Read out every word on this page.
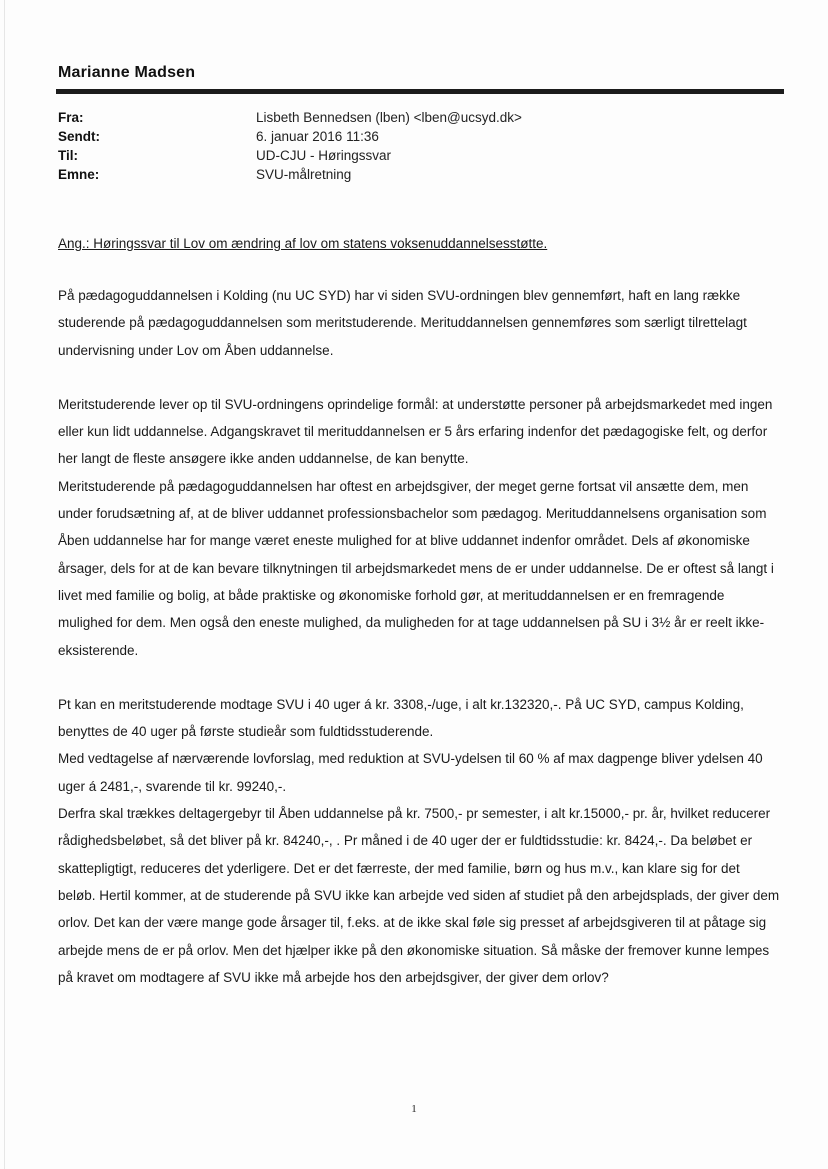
Marianne Madsen
Fra:	Lisbeth Bennedsen (lben) <lben@ucsyd.dk>
Sendt:	6. januar 2016 11:36
Til:	UD-CJU - Høringssvar
Emne:	SVU-målretning
Ang.: Høringssvar til Lov om ændring af lov om statens voksenuddannelsesstøtte.

På pædagoguddannelsen i Kolding (nu UC SYD) har vi siden SVU-ordningen blev gennemført, haft en lang række studerende på pædagoguddannelsen som meritstuderende. Merituddannelsen gennemføres som særligt tilrettelagt undervisning under Lov om Åben uddannelse.

Meritstuderende lever op til SVU-ordningens oprindelige formål: at understøtte personer på arbejdsmarkedet med ingen eller kun lidt uddannelse. Adgangskravet til merituddannelsen er 5 års erfaring indenfor det pædagogiske felt, og derfor her langt de fleste ansøgere ikke anden uddannelse, de kan benytte.

Meritstuderende på pædagoguddannelsen har oftest en arbejdsgiver, der meget gerne fortsat vil ansætte dem, men under forudsætning af, at de bliver uddannet professionsbachelor som pædagog. Merituddannelsens organisation som Åben uddannelse har for mange været eneste mulighed for at blive uddannet indenfor området. Dels af økonomiske årsager, dels for at de kan bevare tilknytningen til arbejdsmarkedet mens de er under uddannelse. De er oftest så langt i livet med familie og bolig, at både praktiske og økonomiske forhold gør, at merituddannelsen er en fremragende mulighed for dem. Men også den eneste mulighed, da muligheden for at tage uddannelsen på SU i 3½ år er reelt ikke-eksisterende.

Pt kan en meritstuderende modtage SVU i 40 uger á kr. 3308,-/uge, i alt kr.132320,-. På UC SYD, campus Kolding, benyttes de 40 uger på første studieår som fuldtidsstuderende.

Med vedtagelse af nærværende lovforslag, med reduktion at SVU-ydelsen til 60 % af max dagpenge bliver ydelsen 40 uger á 2481,-, svarende til kr. 99240,-.

Derfra skal trækkes deltagergebyr til Åben uddannelse på kr. 7500,- pr semester, i alt kr.15000,- pr. år, hvilket reducerer rådighedsbeløbet, så det bliver på kr. 84240,-, . Pr måned i de 40 uger der er fuldtidsstudie: kr. 8424,-. Da beløbet er skattepligtigt, reduceres det yderligere. Det er det færreste, der med familie, børn og hus m.v., kan klare sig for det beløb. Hertil kommer, at de studerende på SVU ikke kan arbejde ved siden af studiet på den arbejdsplads, der giver dem orlov. Det kan der være mange gode årsager til, f.eks. at de ikke skal føle sig presset af arbejdsgiveren til at påtage sig arbejde mens de er på orlov. Men det hjælper ikke på den økonomiske situation. Så måske der fremover kunne lempes på kravet om modtagere af SVU ikke må arbejde hos den arbejdsgiver, der giver dem orlov?

1
